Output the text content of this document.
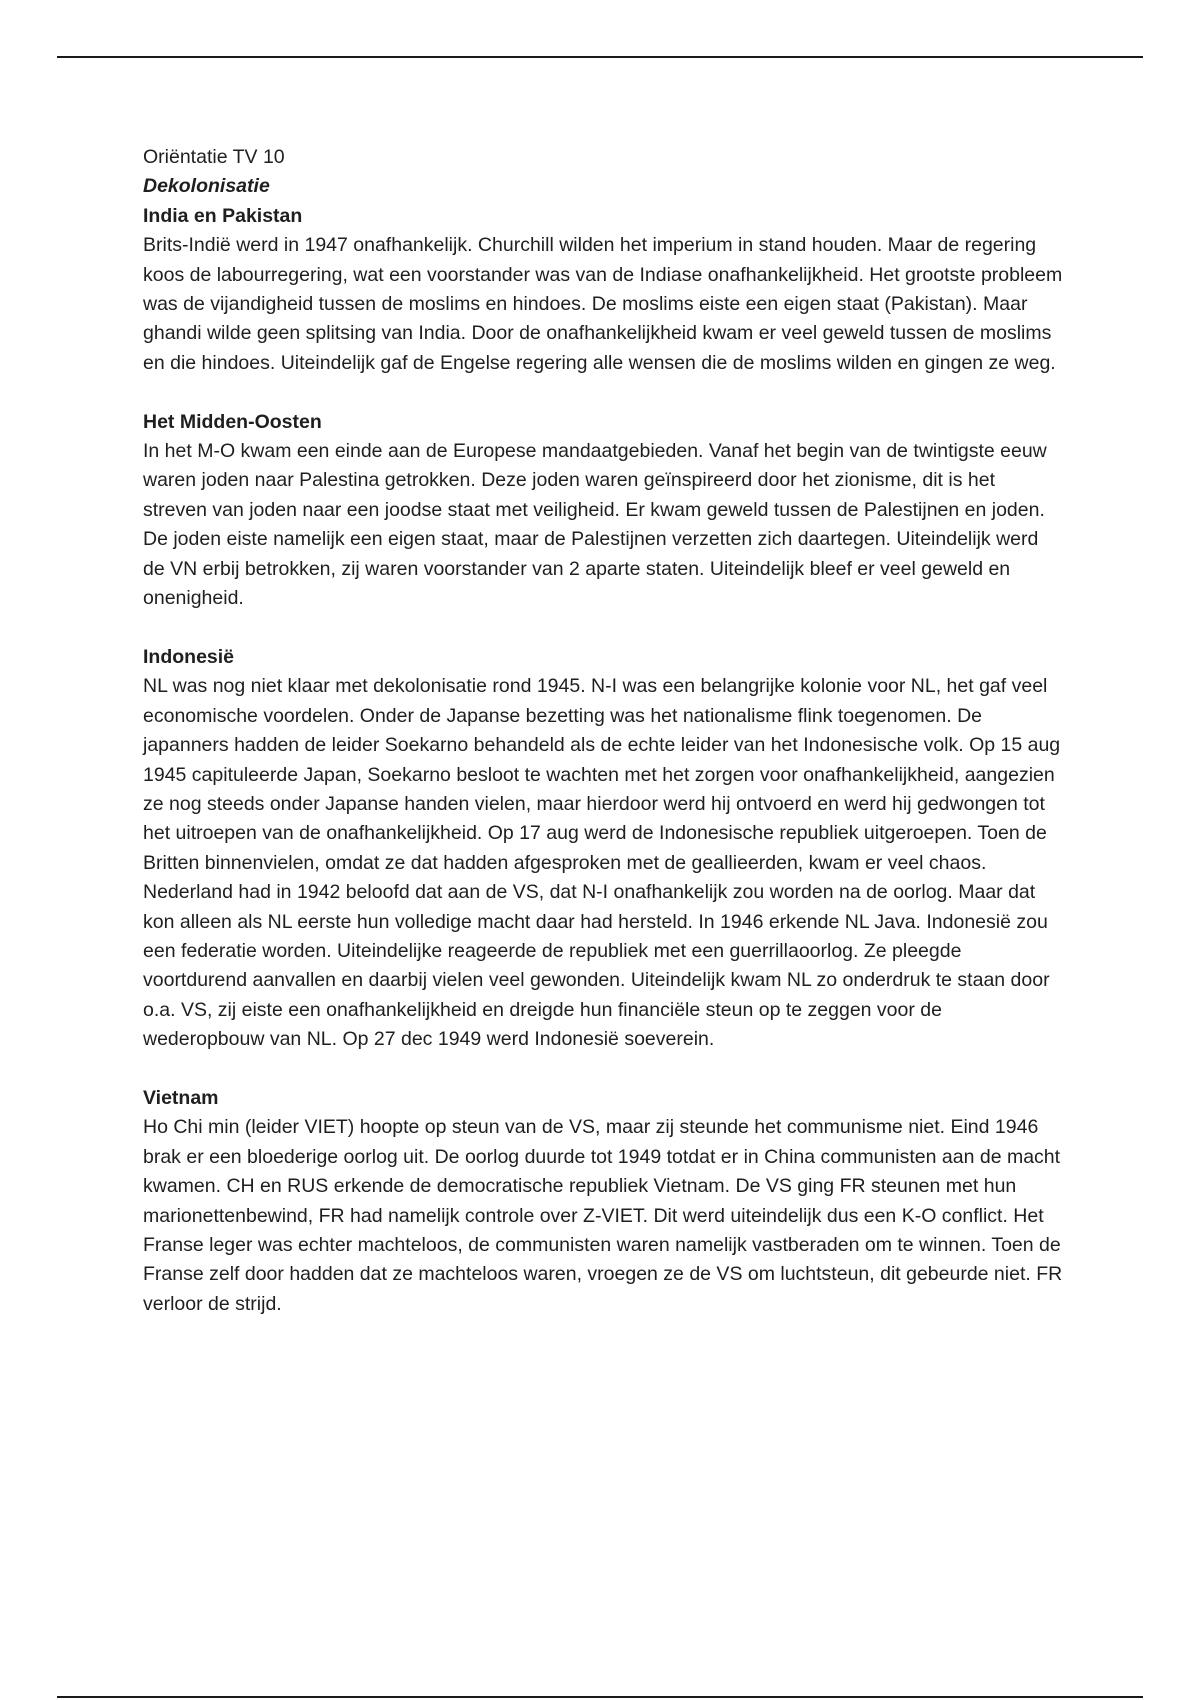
Oriëntatie TV 10

Dekolonisatie

India en Pakistan

Brits-Indië werd in 1947 onafhankelijk. Churchill wilden het imperium in stand houden. Maar de regering koos de labourregering, wat een voorstander was van de Indiase onafhankelijkheid. Het grootste probleem was de vijandigheid tussen de moslims en hindoes. De moslims eiste een eigen staat (Pakistan). Maar ghandi wilde geen splitsing van India. Door de onafhankelijkheid kwam er veel geweld tussen de moslims en die hindoes. Uiteindelijk gaf de Engelse regering alle wensen die de moslims wilden en gingen ze weg.

Het Midden-Oosten

In het M-O kwam een einde aan de Europese mandaatgebieden. Vanaf het begin van de twintigste eeuw waren joden naar Palestina getrokken. Deze joden waren geïnspireerd door het zionisme, dit is het streven van joden naar een joodse staat met veiligheid. Er kwam geweld tussen de Palestijnen en joden. De joden eiste namelijk een eigen staat, maar de Palestijnen verzetten zich daartegen. Uiteindelijk werd de VN erbij betrokken, zij waren voorstander van 2 aparte staten. Uiteindelijk bleef er veel geweld en onenigheid.

Indonesië

NL was nog niet klaar met dekolonisatie rond 1945. N-I was een belangrijke kolonie voor NL, het gaf veel economische voordelen. Onder de Japanse bezetting was het nationalisme flink toegenomen. De japanners hadden de leider Soekarno behandeld als de echte leider van het Indonesische volk. Op 15 aug 1945 capituleerde Japan, Soekarno besloot te wachten met het zorgen voor onafhankelijkheid, aangezien ze nog steeds onder Japanse handen vielen, maar hierdoor werd hij ontvoerd en werd hij gedwongen tot het uitroepen van de onafhankelijkheid. Op 17 aug werd de Indonesische republiek uitgeroepen. Toen de Britten binnenvielen, omdat ze dat hadden afgesproken met de geallieerden, kwam er veel chaos. Nederland had in 1942 beloofd dat aan de VS, dat N-I onafhankelijk zou worden na de oorlog. Maar dat kon alleen als NL eerste hun volledige macht daar had hersteld. In 1946 erkende NL Java. Indonesië zou een federatie worden. Uiteindelijke reageerde de republiek met een guerrillaoorlog. Ze pleegde voortdurend aanvallen en daarbij vielen veel gewonden. Uiteindelijk kwam NL zo onderdruk te staan door o.a. VS, zij eiste een onafhankelijkheid en dreigde hun financiële steun op te zeggen voor de wederopbouw van NL. Op 27 dec 1949 werd Indonesië soeverein.

Vietnam

Ho Chi min (leider VIET) hoopte op steun van de VS, maar zij steunde het communisme niet. Eind 1946 brak er een bloederige oorlog uit. De oorlog duurde tot 1949 totdat er in China communisten aan de macht kwamen. CH en RUS erkende de democratische republiek Vietnam. De VS ging FR steunen met hun marionettenbewind, FR had namelijk controle over Z-VIET. Dit werd uiteindelijk dus een K-O conflict. Het Franse leger was echter machteloos, de communisten waren namelijk vastberaden om te winnen. Toen de Franse zelf door hadden dat ze machteloos waren, vroegen ze de VS om luchtsteun, dit gebeurde niet. FR verloor de strijd.
